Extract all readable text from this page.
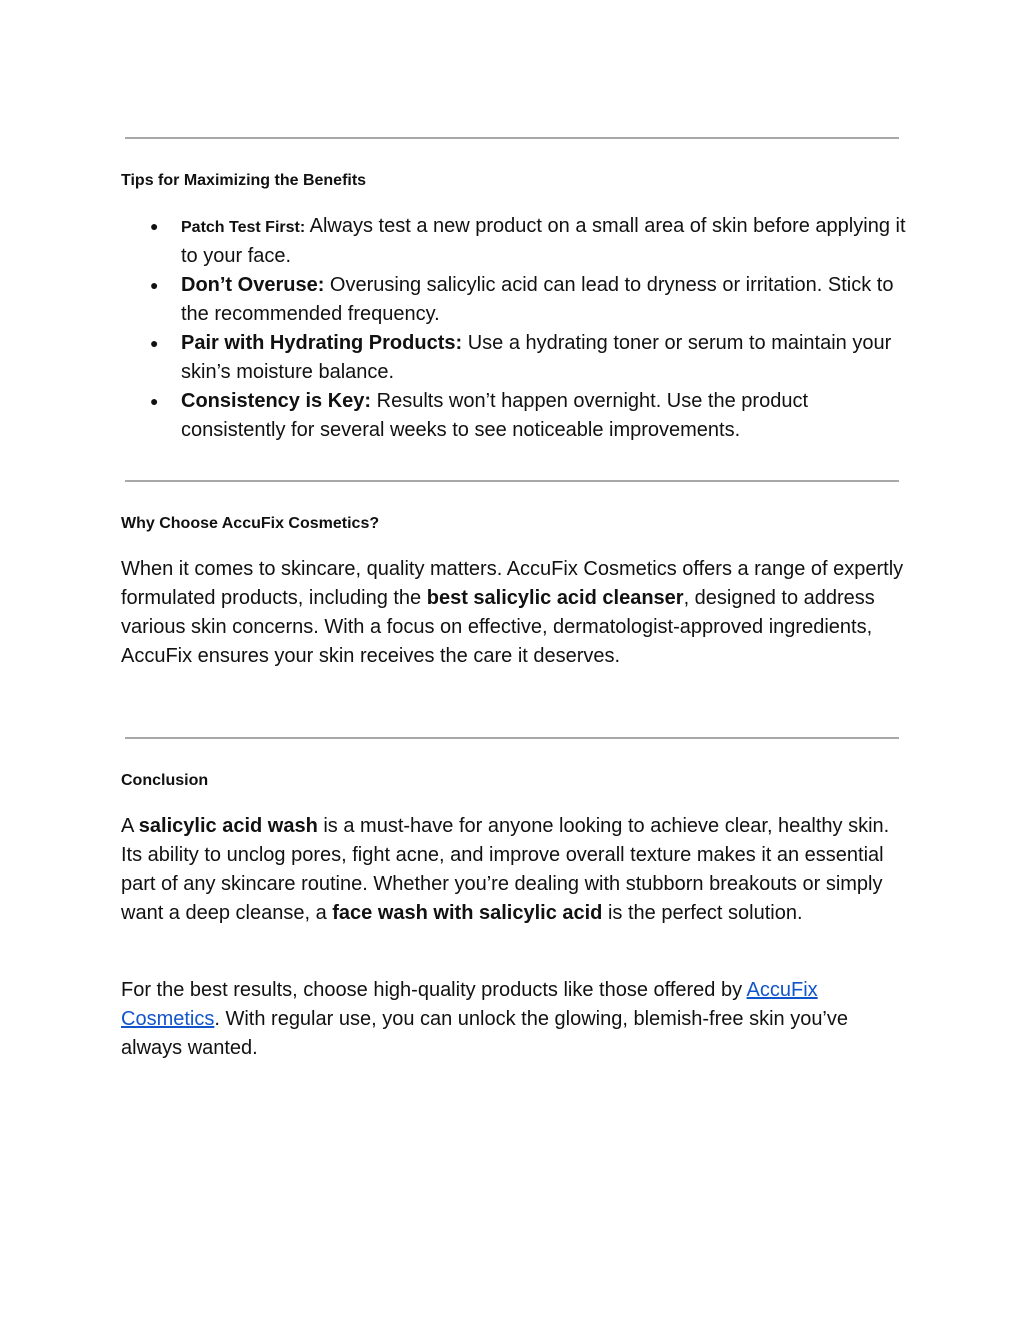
Tips for Maximizing the Benefits
● Patch Test First: Always test a new product on a small area of skin before applying it to your face.
● Don’t Overuse: Overusing salicylic acid can lead to dryness or irritation. Stick to the recommended frequency.
● Pair with Hydrating Products: Use a hydrating toner or serum to maintain your skin’s moisture balance.
● Consistency is Key: Results won’t happen overnight. Use the product consistently for several weeks to see noticeable improvements.
Why Choose AccuFix Cosmetics?

When it comes to skincare, quality matters. AccuFix Cosmetics offers a range of expertly formulated products, including the best salicylic acid cleanser, designed to address various skin concerns. With a focus on effective, dermatologist-approved ingredients, AccuFix ensures your skin receives the care it deserves.

Conclusion

A salicylic acid wash is a must-have for anyone looking to achieve clear, healthy skin. Its ability to unclog pores, fight acne, and improve overall texture makes it an essential part of any skincare routine. Whether you’re dealing with stubborn breakouts or simply want a deep cleanse, a face wash with salicylic acid is the perfect solution.

For the best results, choose high-quality products like those offered by AccuFix Cosmetics. With regular use, you can unlock the glowing, blemish-free skin you’ve always wanted.
